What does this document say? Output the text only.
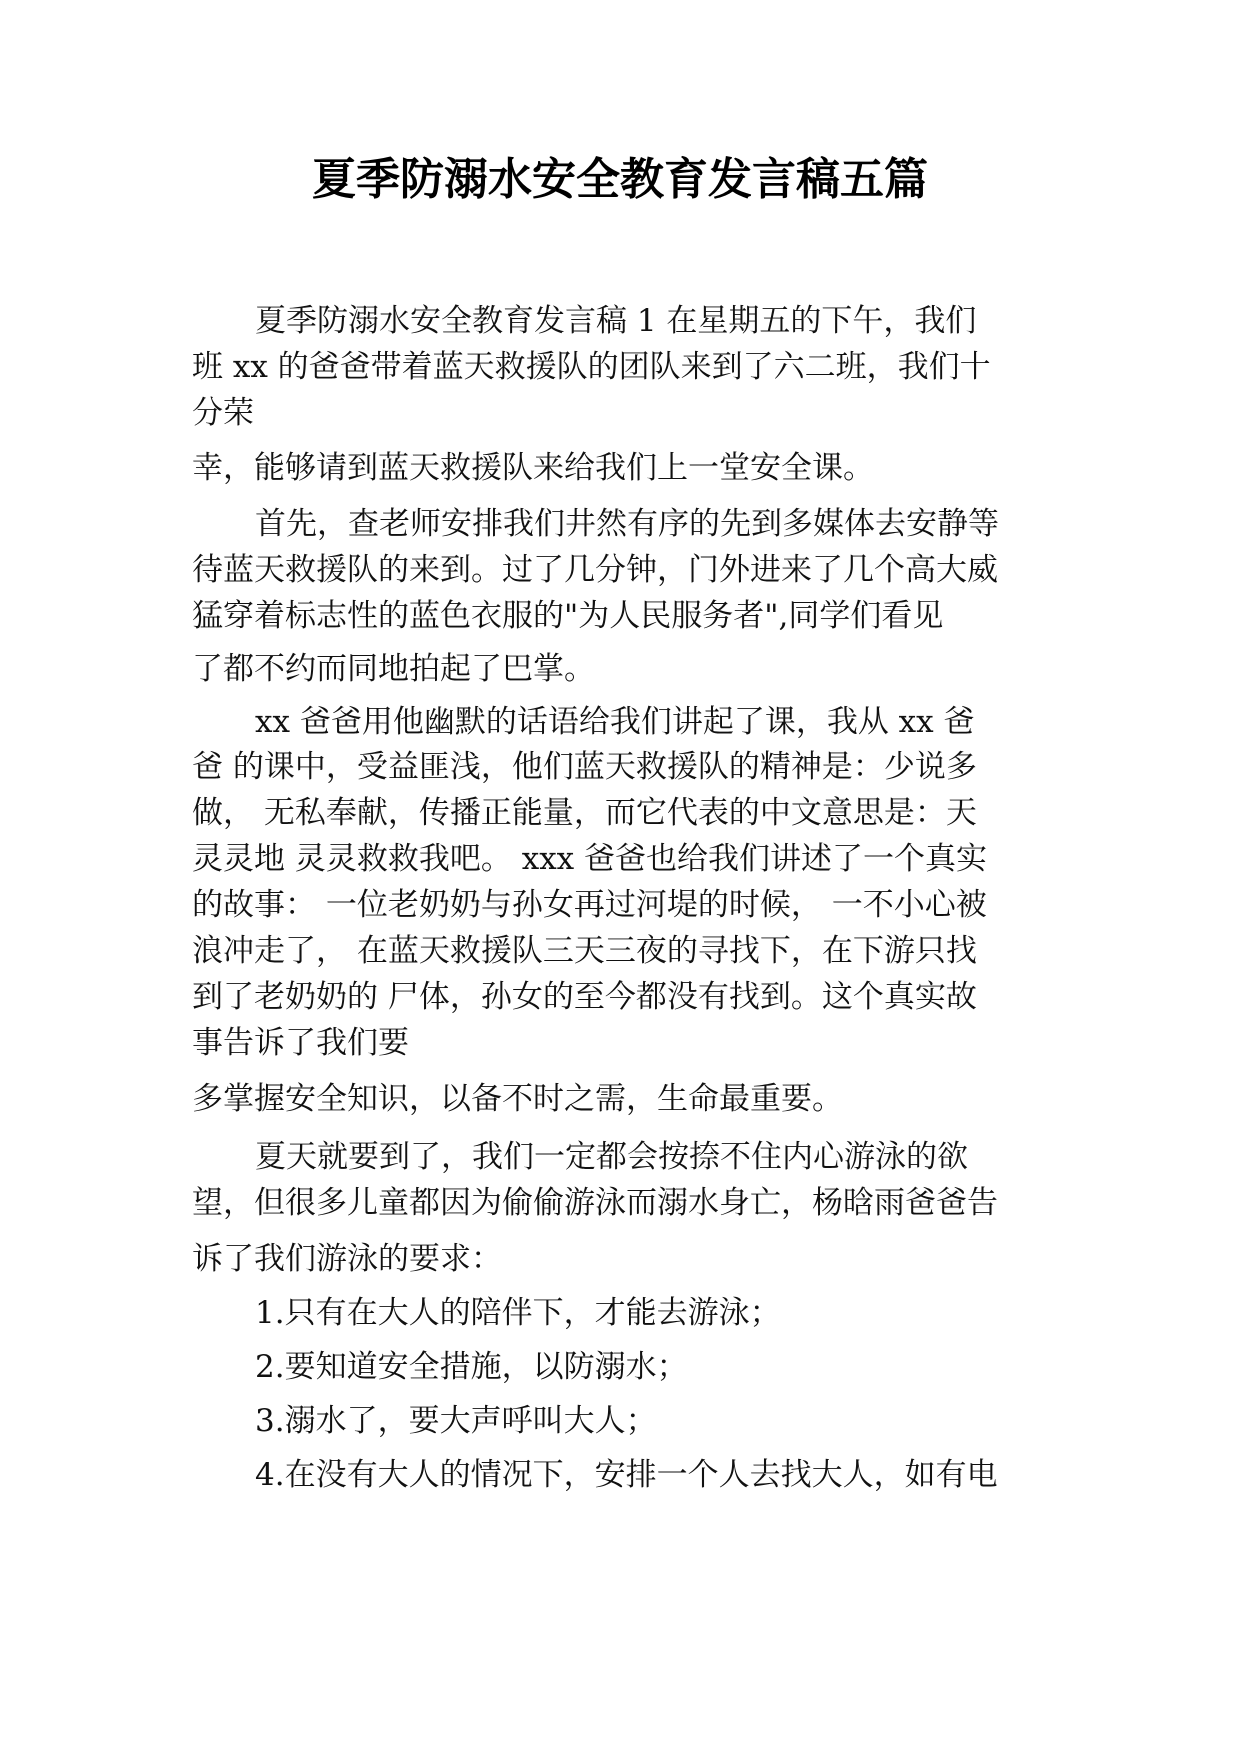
夏季防溺水安全教育发言稿五篇
夏季防溺水安全教育发言稿 1 在星期五的下午，我们
班 xx 的爸爸带着蓝天救援队的团队来到了六二班，我们十
分荣
幸，能够请到蓝天救援队来给我们上一堂安全课。
首先，查老师安排我们井然有序的先到多媒体去安静等
待蓝天救援队的来到。过了几分钟，门外进来了几个高大威
猛穿着标志性的蓝色衣服的"为人民服务者",同学们看见
了都不约而同地拍起了巴掌。
xx 爸爸用他幽默的话语给我们讲起了课，我从 xx 爸
爸 的课中，受益匪浅，他们蓝天救援队的精神是：少说多
做， 无私奉献，传播正能量，而它代表的中文意思是：天
灵灵地 灵灵救救我吧。 xxx 爸爸也给我们讲述了一个真实
的故事： 一位老奶奶与孙女再过河堤的时候， 一不小心被
浪冲走了， 在蓝天救援队三天三夜的寻找下，在下游只找
到了老奶奶的 尸体，孙女的至今都没有找到。这个真实故
事告诉了我们要
多掌握安全知识，以备不时之需，生命最重要。
夏天就要到了，我们一定都会按捺不住内心游泳的欲
望，但很多儿童都因为偷偷游泳而溺水身亡，杨晗雨爸爸告
诉了我们游泳的要求：
1.只有在大人的陪伴下，才能去游泳；
2.要知道安全措施，以防溺水；
3.溺水了，要大声呼叫大人；
4.在没有大人的情况下，安排一个人去找大人，如有电
